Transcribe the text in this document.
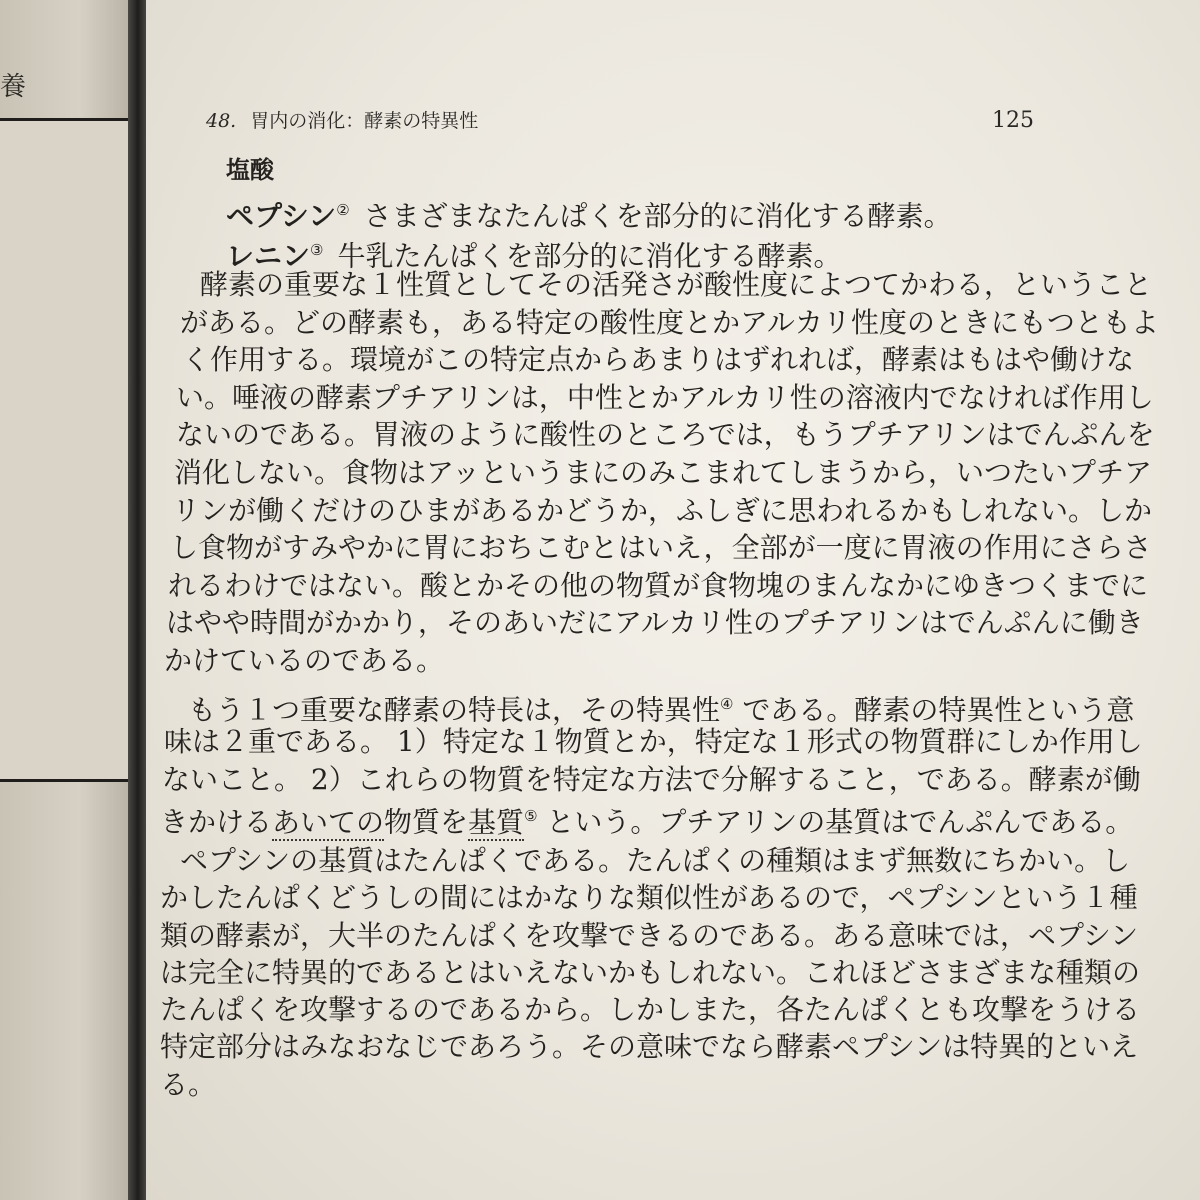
養
48. 胃内の消化：酵素の特異性	125
塩酸
ペプシン② さまざまなたんぱくを部分的に消化する酵素。
レニン③ 牛乳たんぱくを部分的に消化する酵素。
酵素の重要な１性質としてその活発さが酸性度によつてかわる，ということ
がある。どの酵素も，ある特定の酸性度とかアルカリ性度のときにもつともよ
く作用する。環境がこの特定点からあまりはずれれば，酵素はもはや働けな
い。唾液の酵素プチアリンは，中性とかアルカリ性の溶液内でなければ作用し
ないのである。胃液のように酸性のところでは，もうプチアリンはでんぷんを
消化しない。食物はアッというまにのみこまれてしまうから，いつたいプチア
リンが働くだけのひまがあるかどうか，ふしぎに思われるかもしれない。しか
し食物がすみやかに胃におちこむとはいえ，全部が一度に胃液の作用にさらさ
れるわけではない。酸とかその他の物質が食物塊のまんなかにゆきつくまでに
はやや時間がかかり，そのあいだにアルカリ性のプチアリンはでんぷんに働き
かけているのである。
もう１つ重要な酵素の特長は，その特異性④ である。酵素の特異性という意
味は２重である。 1）特定な１物質とか，特定な１形式の物質群にしか作用し
ないこと。 2）これらの物質を特定な方法で分解すること，である。酵素が働
きかけるあいての物質を基質⑤ という。プチアリンの基質はでんぷんである。
ペプシンの基質はたんぱくである。たんぱくの種類はまず無数にちかい。し
かしたんぱくどうしの間にはかなりな類似性があるので，ペプシンという１種
類の酵素が，大半のたんぱくを攻撃できるのである。ある意味では，ペプシン
は完全に特異的であるとはいえないかもしれない。これほどさまざまな種類の
たんぱくを攻撃するのであるから。しかしまた，各たんぱくとも攻撃をうける
特定部分はみなおなじであろう。その意味でなら酵素ペプシンは特異的といえ
る。
